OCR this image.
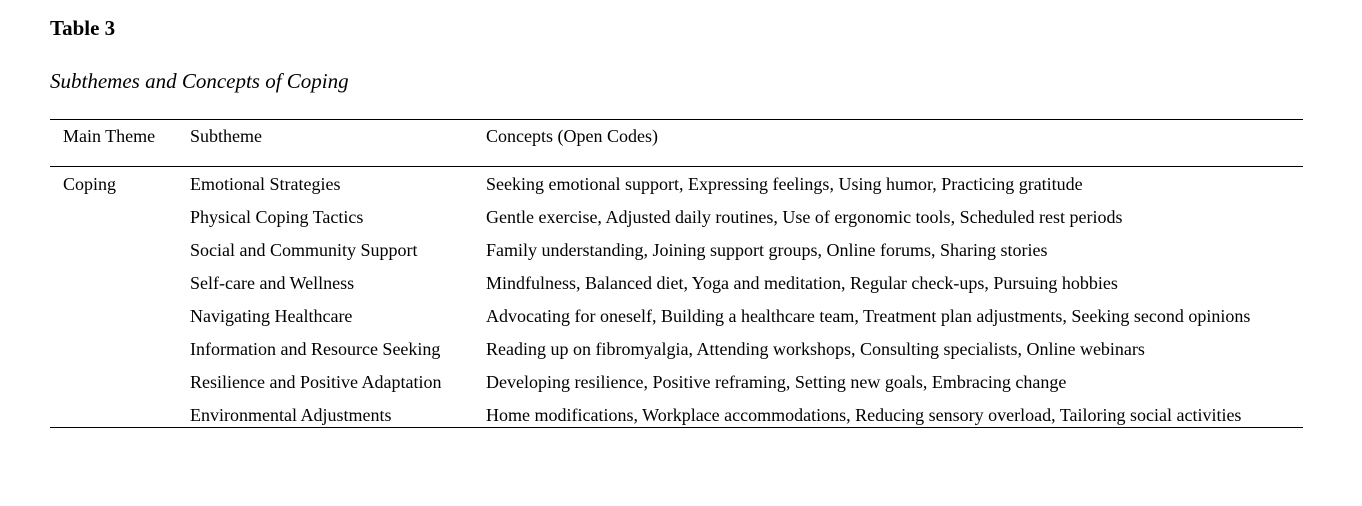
Table 3

Subthemes and Concepts of Coping

Main Theme	Subtheme	Concepts (Open Codes)
Coping	Emotional Strategies	Seeking emotional support, Expressing feelings, Using humor, Practicing gratitude
	Physical Coping Tactics	Gentle exercise, Adjusted daily routines, Use of ergonomic tools, Scheduled rest periods
	Social and Community Support	Family understanding, Joining support groups, Online forums, Sharing stories
	Self-care and Wellness	Mindfulness, Balanced diet, Yoga and meditation, Regular check-ups, Pursuing hobbies
	Navigating Healthcare	Advocating for oneself, Building a healthcare team, Treatment plan adjustments, Seeking second opinions
	Information and Resource Seeking	Reading up on fibromyalgia, Attending workshops, Consulting specialists, Online webinars
	Resilience and Positive Adaptation	Developing resilience, Positive reframing, Setting new goals, Embracing change
	Environmental Adjustments	Home modifications, Workplace accommodations, Reducing sensory overload, Tailoring social activities
